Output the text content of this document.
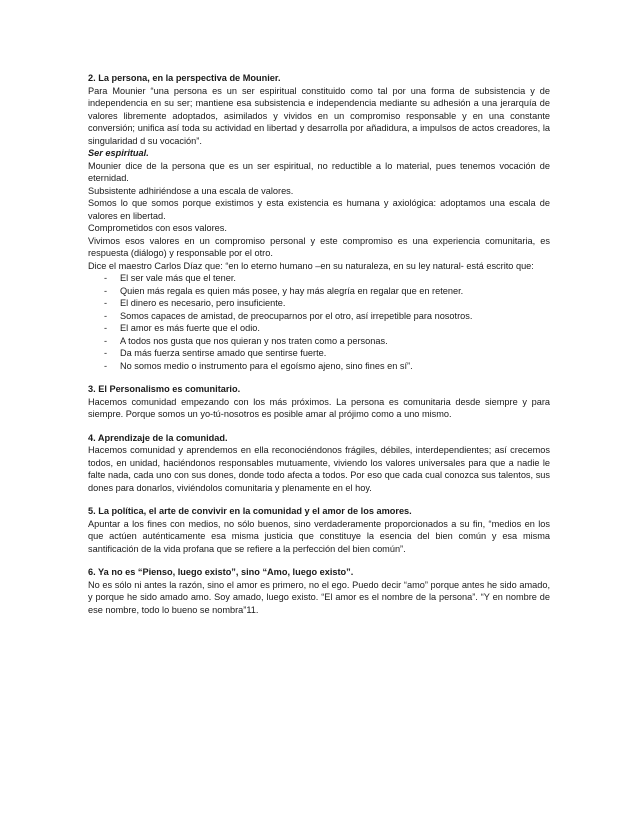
2. La persona, en la perspectiva de Mounier.

Para Mounier “una persona es un ser espiritual constituido como tal por una forma de subsistencia y de independencia en su ser; mantiene esa subsistencia e independencia mediante su adhesión a una jerarquía de valores libremente adoptados, asimilados y vividos en un compromiso responsable y en una constante conversión; unifica así toda su actividad en libertad y desarrolla por añadidura, a impulsos de actos creadores, la singularidad d su vocación”.

Ser espiritual.

Mounier dice de la persona que es un ser espiritual, no reductible a lo material, pues tenemos vocación de eternidad.

Subsistente adhiriéndose a una escala de valores.

Somos lo que somos porque existimos y esta existencia es humana y axiológica: adoptamos una escala de valores en libertad.

Comprometidos con esos valores.

Vivimos esos valores en un compromiso personal y este compromiso es una experiencia comunitaria, es respuesta (diálogo) y responsable por el otro.

Dice el maestro Carlos Díaz que: “en lo eterno humano –en su naturaleza, en su ley natural- está escrito que:

- El ser vale más que el tener.
- Quien más regala es quien más posee, y hay más alegría en regalar que en retener.
- El dinero es necesario, pero insuficiente.
- Somos capaces de amistad, de preocuparnos por el otro, así irrepetible para nosotros.
- El amor es más fuerte que el odio.
- A todos nos gusta que nos quieran y nos traten como a personas.
- Da más fuerza sentirse amado que sentirse fuerte.
- No somos medio o instrumento para el egoísmo ajeno, sino fines en sí”.

3. El Personalismo es comunitario.

Hacemos comunidad empezando con los más próximos. La persona es comunitaria desde siempre y para siempre. Porque somos un yo-tú-nosotros es posible amar al prójimo como a uno mismo.

4. Aprendizaje de la comunidad.

Hacemos comunidad y aprendemos en ella reconociéndonos frágiles, débiles, interdependientes; así crecemos todos, en unidad, haciéndonos responsables mutuamente, viviendo los valores universales para que a nadie le falte nada, cada uno con sus dones, donde todo afecta a todos. Por eso que cada cual conozca sus talentos, sus dones para donarlos, viviéndolos comunitaria y plenamente en el hoy.

5. La política, el arte de convivir en la comunidad y el amor de los amores.

Apuntar a los fines con medios, no sólo buenos, sino verdaderamente proporcionados a su fin, “medios en los que actúen auténticamente esa misma justicia que constituye la esencia del bien común y esa misma santificación de la vida profana que se refiere a la perfección del bien común”.

6. Ya no es “Pienso, luego existo”, sino “Amo, luego existo”.

No es sólo ni antes la razón, sino el amor es primero, no el ego. Puedo decir “amo” porque antes he sido amado, y porque he sido amado amo. Soy amado, luego existo. “El amor es el nombre de la persona”. “Y en nombre de ese nombre, todo lo bueno se nombra”11.
